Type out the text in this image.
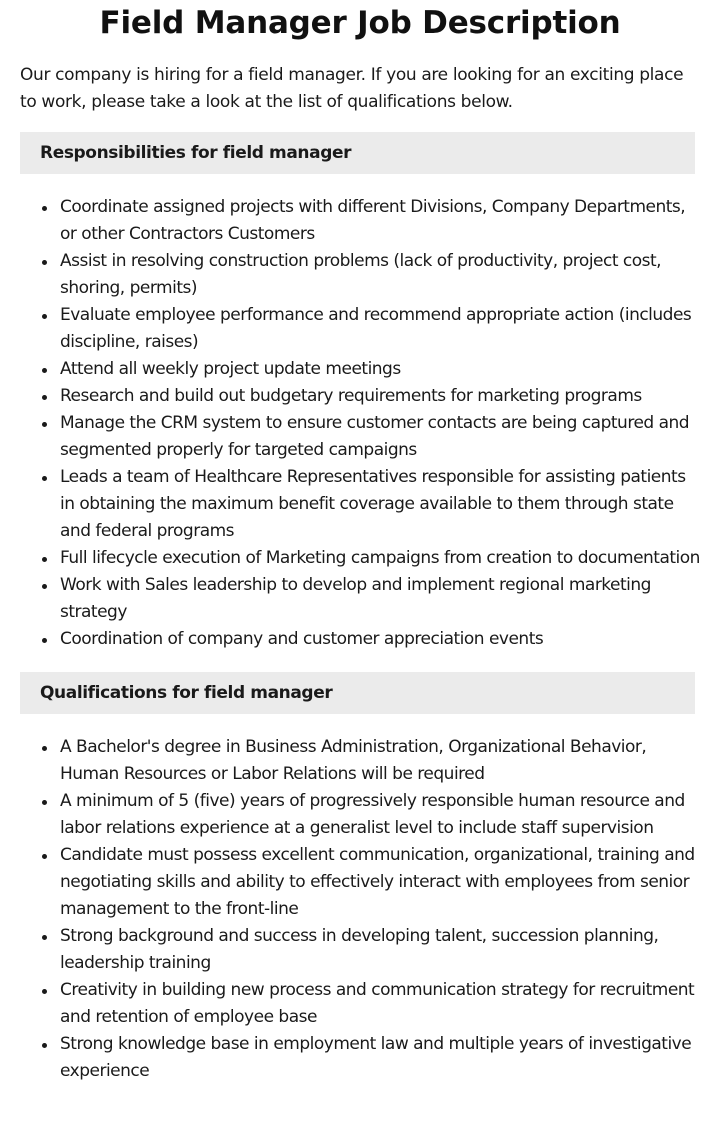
Field Manager Job Description

Our company is hiring for a field manager. If you are looking for an exciting place to work, please take a look at the list of qualifications below.

Responsibilities for field manager
Coordinate assigned projects with different Divisions, Company Departments, or other Contractors Customers
Assist in resolving construction problems (lack of productivity, project cost, shoring, permits)
Evaluate employee performance and recommend appropriate action (includes discipline, raises)
Attend all weekly project update meetings
Research and build out budgetary requirements for marketing programs
Manage the CRM system to ensure customer contacts are being captured and segmented properly for targeted campaigns
Leads a team of Healthcare Representatives responsible for assisting patients in obtaining the maximum benefit coverage available to them through state and federal programs
Full lifecycle execution of Marketing campaigns from creation to documentation
Work with Sales leadership to develop and implement regional marketing strategy
Coordination of company and customer appreciation events
Qualifications for field manager
A Bachelor's degree in Business Administration, Organizational Behavior, Human Resources or Labor Relations will be required
A minimum of 5 (five) years of progressively responsible human resource and labor relations experience at a generalist level to include staff supervision
Candidate must possess excellent communication, organizational, training and negotiating skills and ability to effectively interact with employees from senior management to the front-line
Strong background and success in developing talent, succession planning, leadership training
Creativity in building new process and communication strategy for recruitment and retention of employee base
Strong knowledge base in employment law and multiple years of investigative experience
